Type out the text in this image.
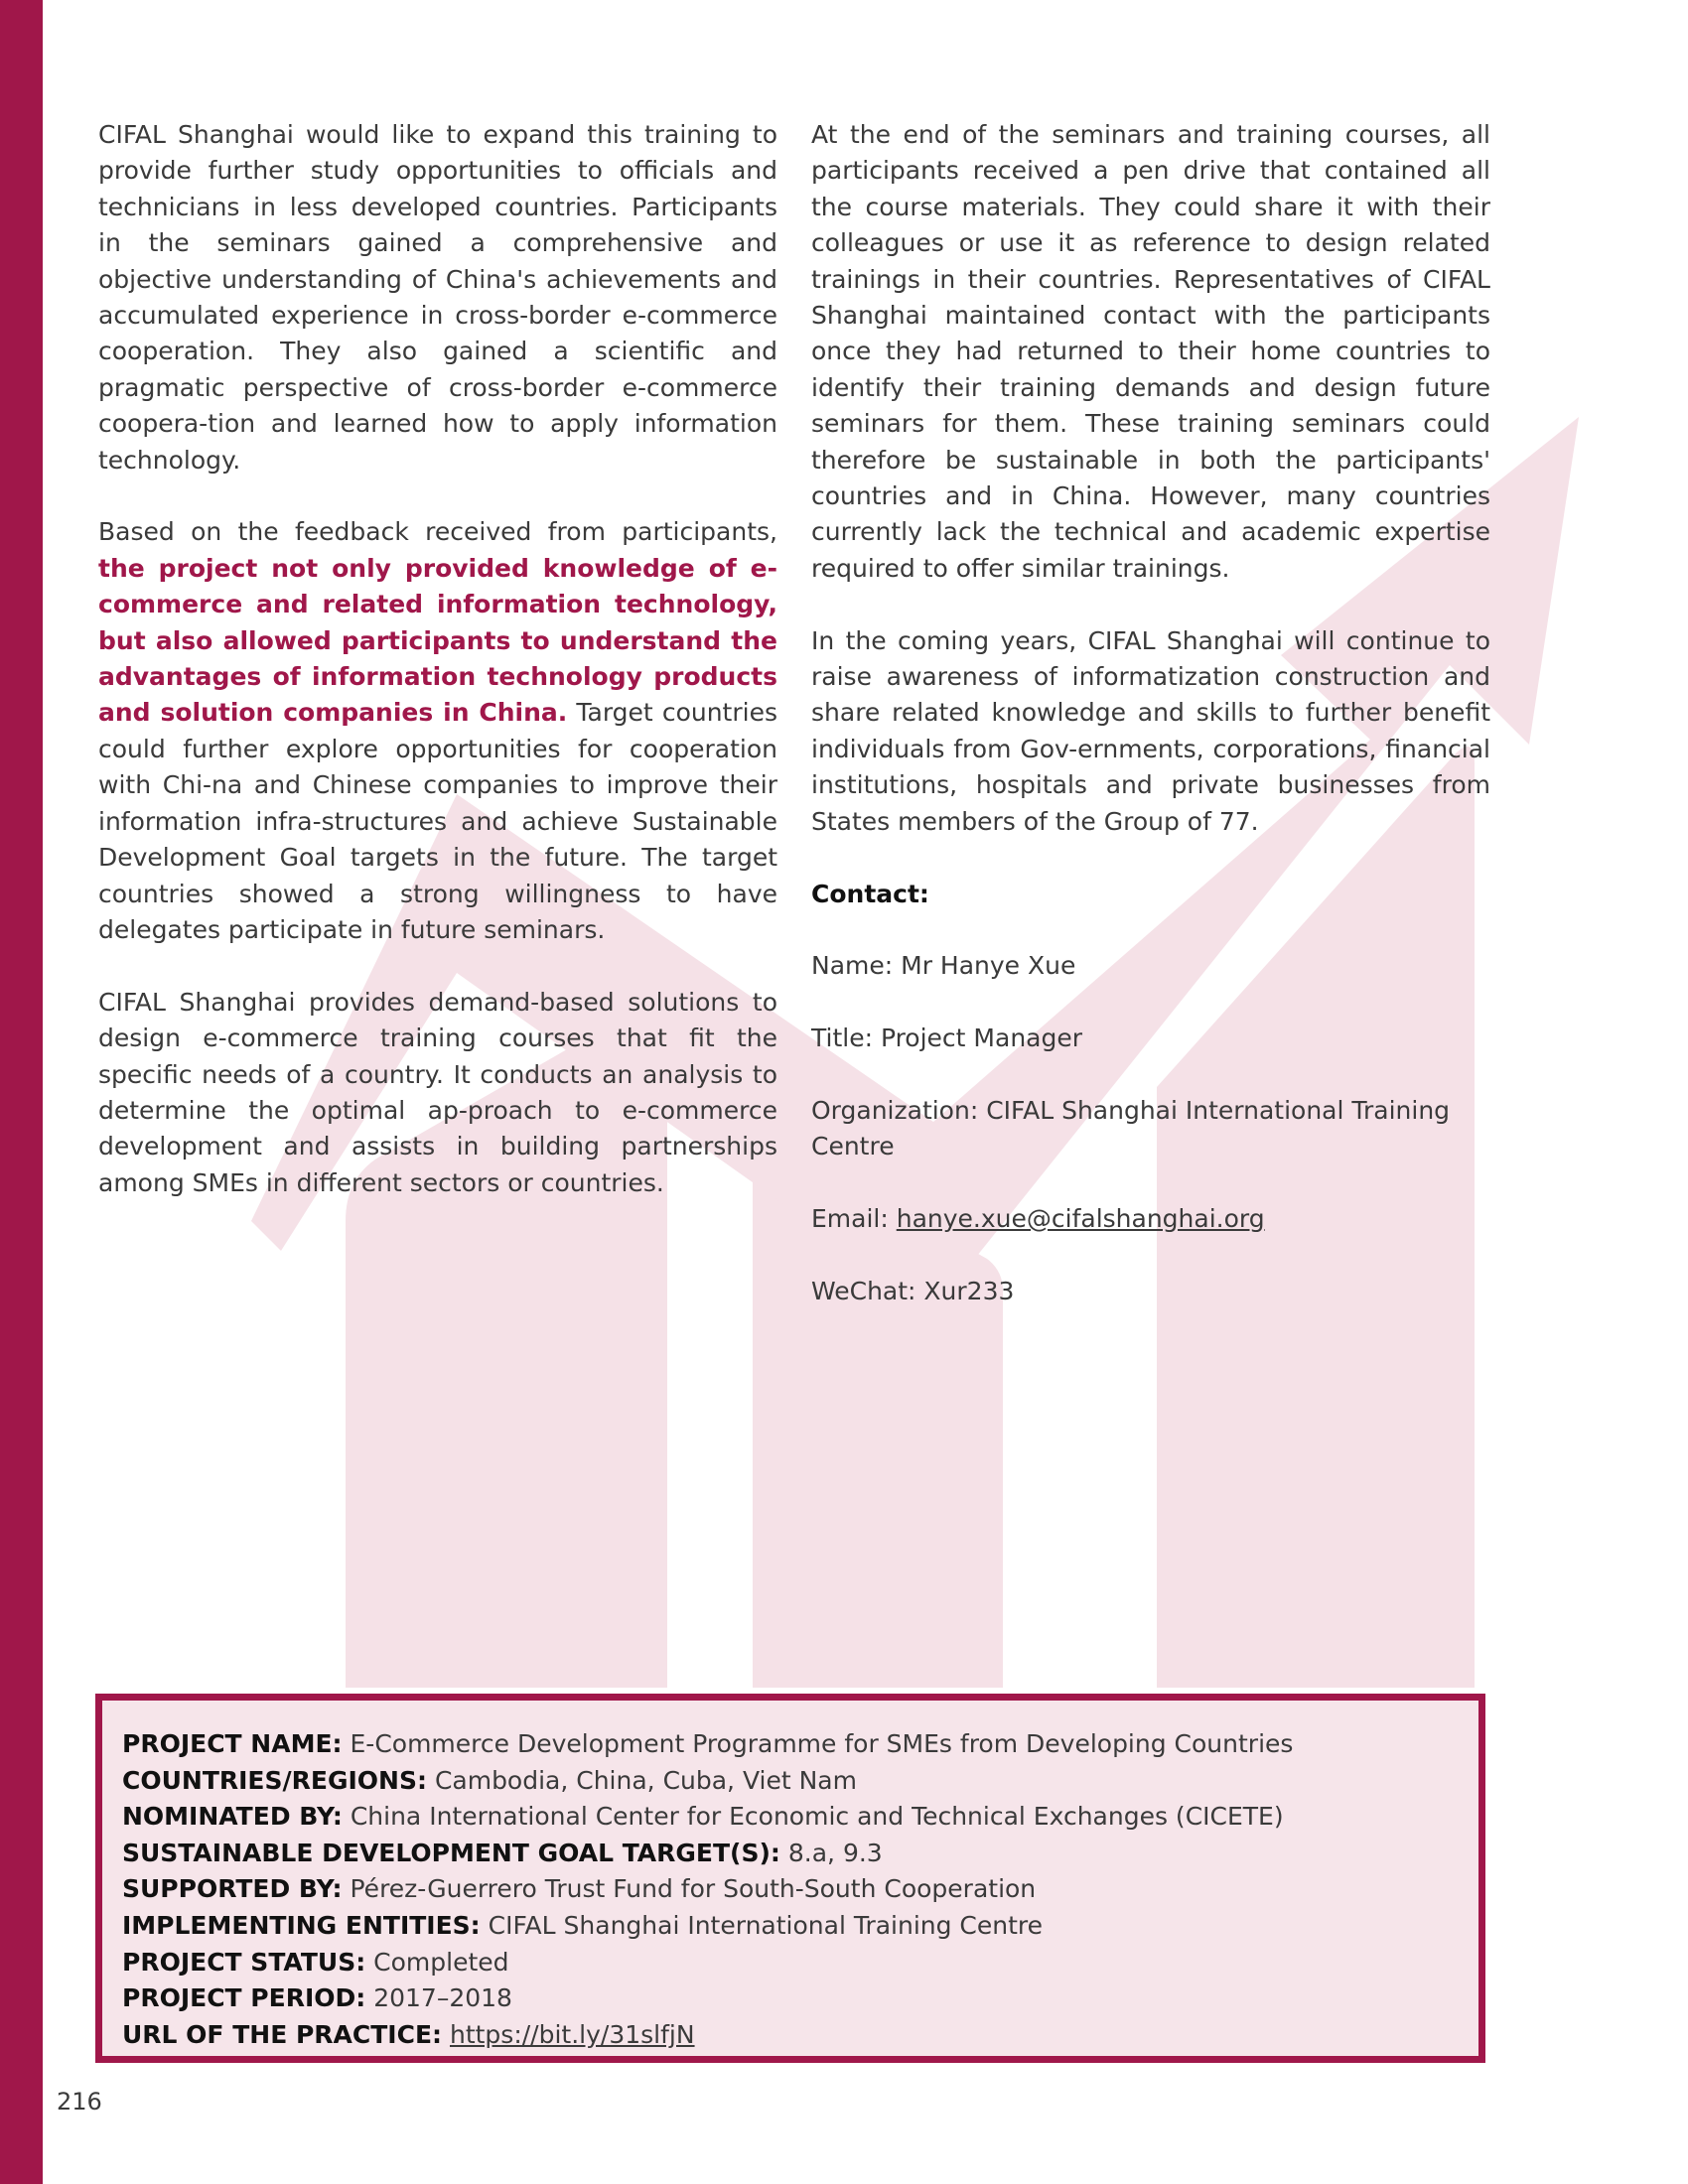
CIFAL Shanghai would like to expand this training to provide further study opportunities to officials and technicians in less developed countries. Participants in the seminars gained a comprehensive and objective understanding of China's achievements and accumulated experience in cross-border e-commerce cooperation. They also gained a scientific and pragmatic perspective of cross-border e-commerce coopera-tion and learned how to apply information technology.

Based on the feedback received from participants, the project not only provided knowledge of e-commerce and related information technology, but also allowed participants to understand the advantages of information technology products and solution companies in China. Target countries could further explore opportunities for cooperation with Chi-na and Chinese companies to improve their information infra-structures and achieve Sustainable Development Goal targets in the future. The target countries showed a strong willingness to have delegates participate in future seminars.

CIFAL Shanghai provides demand-based solutions to design e-commerce training courses that fit the specific needs of a country. It conducts an analysis to determine the optimal ap-proach to e-commerce development and assists in building partnerships among SMEs in different sectors or countries.

At the end of the seminars and training courses, all participants received a pen drive that contained all the course materials. They could share it with their colleagues or use it as reference to design related trainings in their countries. Representatives of CIFAL Shanghai maintained contact with the participants once they had returned to their home countries to identify their training demands and design future seminars for them. These training seminars could therefore be sustainable in both the participants' countries and in China. However, many countries currently lack the technical and academic expertise required to offer similar trainings.

In the coming years, CIFAL Shanghai will continue to raise awareness of informatization construction and share related knowledge and skills to further benefit individuals from Gov-ernments, corporations, financial institutions, hospitals and private businesses from States members of the Group of 77.

Contact:

Name: Mr Hanye Xue

Title: Project Manager

Organization: CIFAL Shanghai International Training Centre

Email: hanye.xue@cifalshanghai.org

WeChat: Xur233

PROJECT NAME: E-Commerce Development Programme for SMEs from Developing Countries

COUNTRIES/REGIONS: Cambodia, China, Cuba, Viet Nam

NOMINATED BY: China International Center for Economic and Technical Exchanges (CICETE)

SUSTAINABLE DEVELOPMENT GOAL TARGET(S): 8.a, 9.3

SUPPORTED BY: Pérez-Guerrero Trust Fund for South-South Cooperation

IMPLEMENTING ENTITIES: CIFAL Shanghai International Training Centre

PROJECT STATUS: Completed

PROJECT PERIOD: 2017–2018

URL OF THE PRACTICE: https://bit.ly/31slfjN

216
